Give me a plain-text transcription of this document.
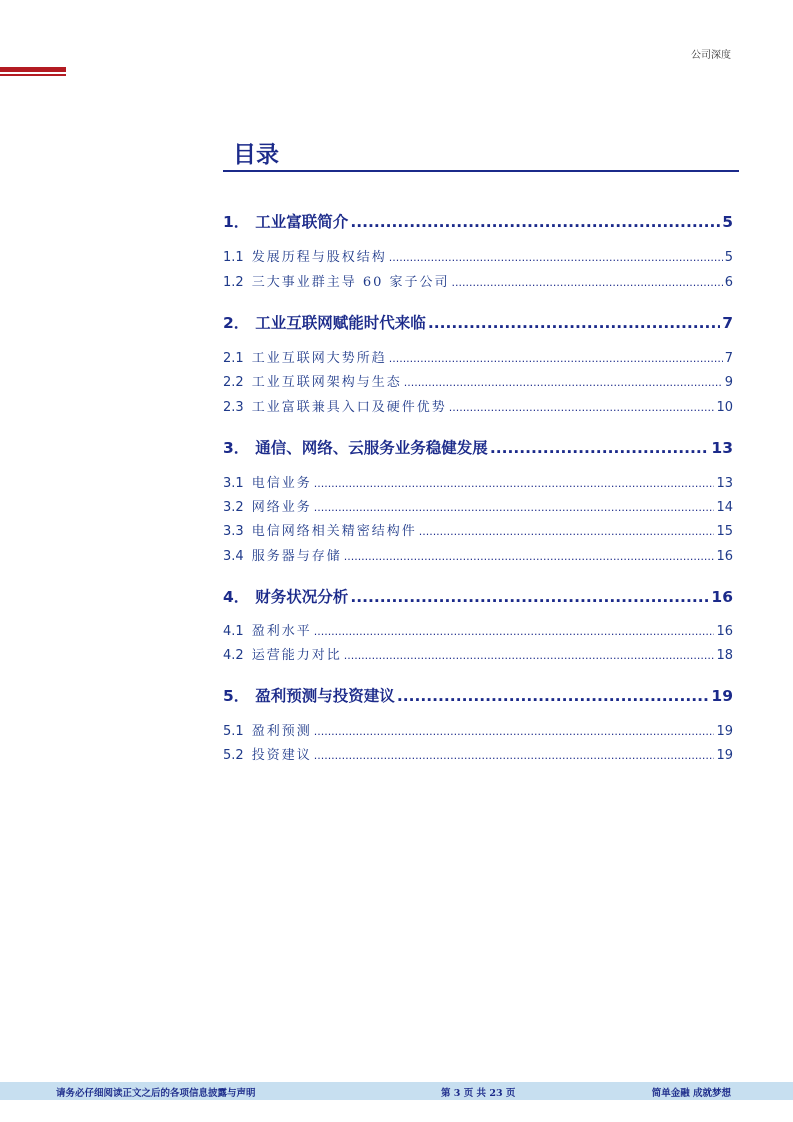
公司深度
目录
1． 工业富联简介 .....	5
1.1 发展历程与股权结构 .....	5
1.2 三大事业群主导 60 家子公司 .....	6
2． 工业互联网赋能时代来临 .....	7
2.1 工业互联网大势所趋 .....	7
2.2 工业互联网架构与生态 .....	9
2.3 工业富联兼具入口及硬件优势 .....	10
3． 通信、网络、云服务业务稳健发展 .....	13
3.1 电信业务 .....	13
3.2 网络业务 .....	14
3.3 电信网络相关精密结构件 .....	15
3.4 服务器与存储 .....	16
4． 财务状况分析 .....	16
4.1 盈利水平 .....	16
4.2 运营能力对比 .....	18
5． 盈利预测与投资建议 .....	19
5.1 盈利预测 .....	19
5.2 投资建议 .....	19
请务必仔细阅读正文之后的各项信息披露与声明	第 3 页 共 23 页	简单金融 成就梦想
